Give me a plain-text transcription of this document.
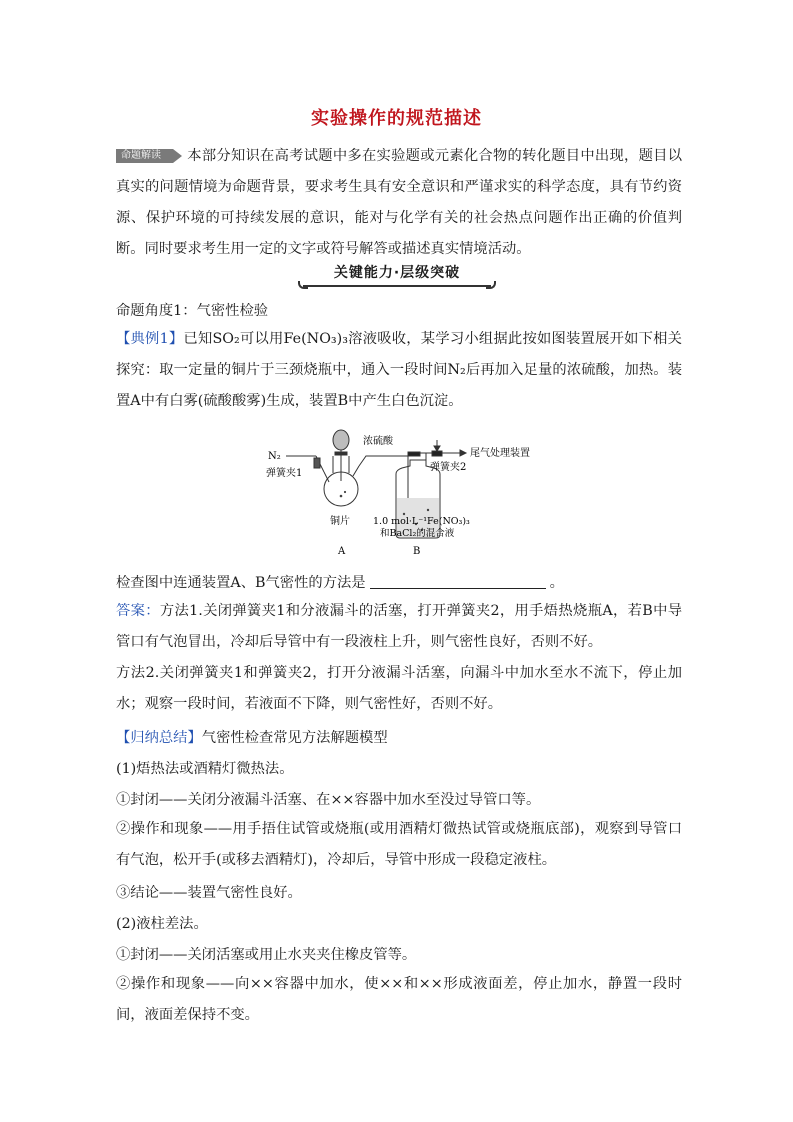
实验操作的规范描述
命题解读 本部分知识在高考试题中多在实验题或元素化合物的转化题目中出现，题目以真实的问题情境为命题背景，要求考生具有安全意识和严谨求实的科学态度，具有节约资源、保护环境的可持续发展的意识，能对与化学有关的社会热点问题作出正确的价值判断。同时要求考生用一定的文字或符号解答或描述真实情境活动。
关键能力·层级突破
命题角度1：气密性检验
【典例1】已知SO₂可以用Fe(NO₃)₃溶液吸收，某学习小组据此按如图装置展开如下相关探究：取一定量的铜片于三颈烧瓶中，通入一段时间N₂后再加入足量的浓硫酸，加热。装置A中有白雾(硫酸酸雾)生成，装置B中产生白色沉淀。
N₂
弹簧夹1
浓硫酸
尾气处理装置
弹簧夹2
铜片 1.0 mol·L⁻¹Fe(NO₃)₃
和BaCl₂的混合液
A	B
检查图中连通装置A、B气密性的方法是	。
答案：方法1.关闭弹簧夹1和分液漏斗的活塞，打开弹簧夹2，用手焐热烧瓶A，若B中导管口有气泡冒出，冷却后导管中有一段液柱上升，则气密性良好，否则不好。
方法2.关闭弹簧夹1和弹簧夹2，打开分液漏斗活塞，向漏斗中加水至水不流下，停止加水；观察一段时间，若液面不下降，则气密性好，否则不好。
【归纳总结】气密性检查常见方法解题模型
(1)焐热法或酒精灯微热法。
①封闭——关闭分液漏斗活塞、在××容器中加水至没过导管口等。
②操作和现象——用手捂住试管或烧瓶(或用酒精灯微热试管或烧瓶底部)，观察到导管口有气泡，松开手(或移去酒精灯)，冷却后，导管中形成一段稳定液柱。
③结论——装置气密性良好。
(2)液柱差法。
①封闭——关闭活塞或用止水夹夹住橡皮管等。
②操作和现象——向××容器中加水，使××和××形成液面差，停止加水，静置一段时间，液面差保持不变。
